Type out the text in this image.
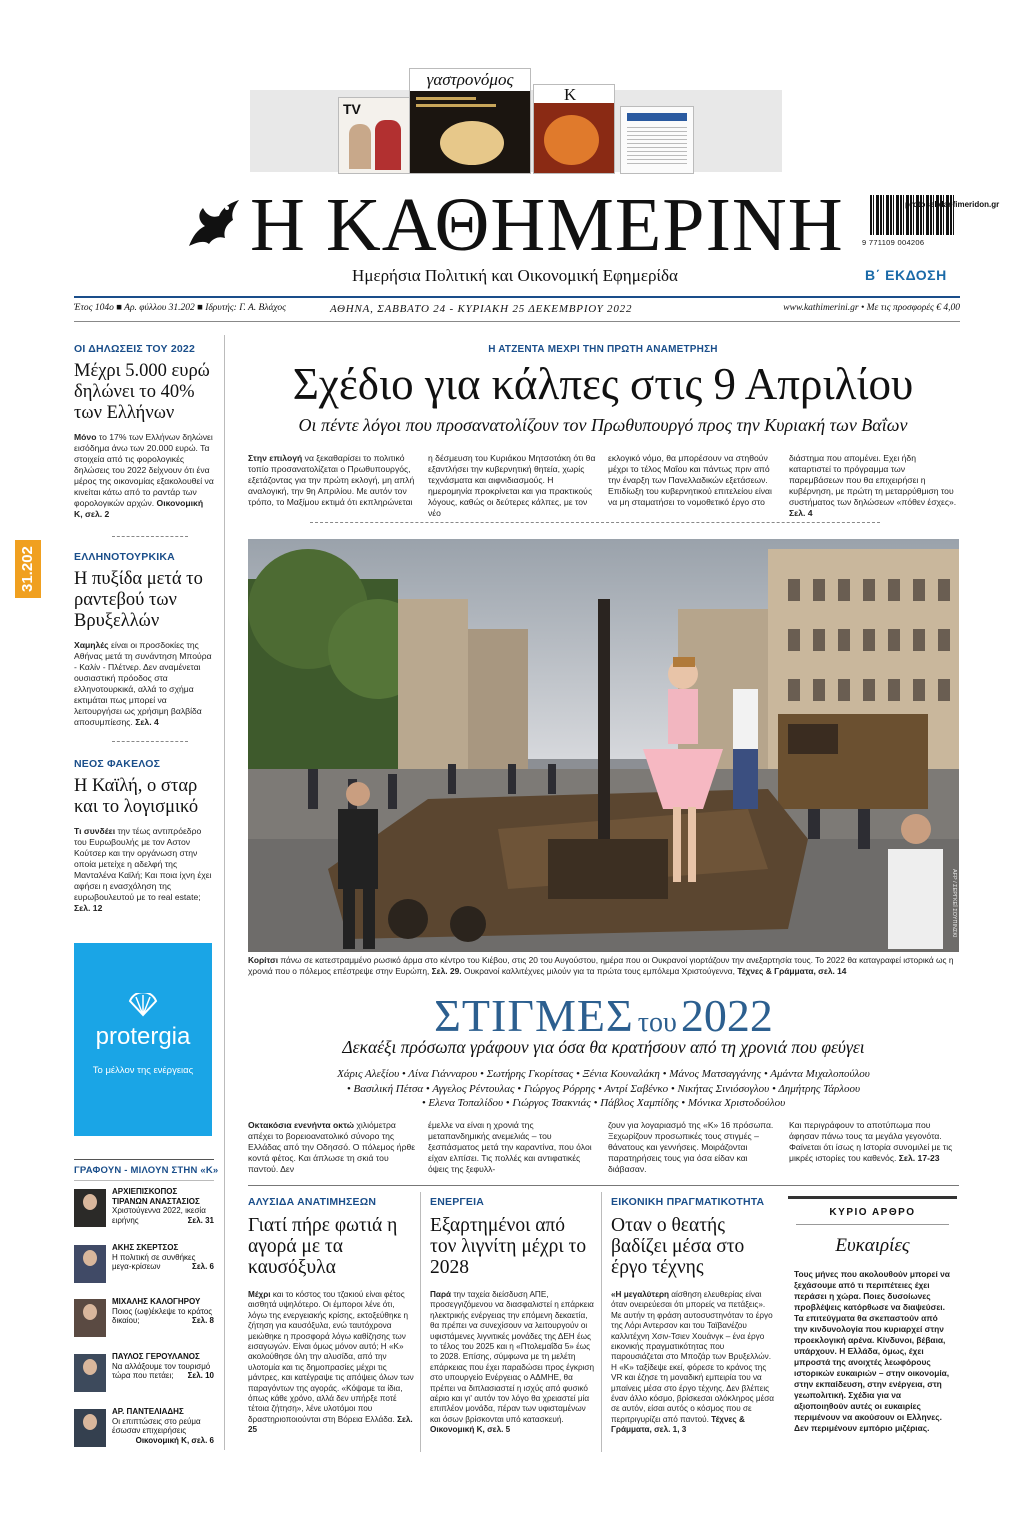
TV
γαστρονόμος
K
Η ΚΑΘΗΜΕΡΙΝΗ
Ημερήσια Πολιτική και Οικονομική Εφημερίδα
9 771109 004206
protoselidaefimeridon.gr
Β΄ ΕΚΔΟΣΗ
Έτος 104ο ■ Αρ. φύλλου 31.202 ■ Ιδρυτής: Γ. Α. Βλάχος	ΑΘΗΝΑ, ΣΑΒΒΑΤΟ 24 - ΚΥΡΙΑΚΗ 25 ΔΕΚΕΜΒΡΙΟΥ 2022	www.kathimerini.gr • Με τις προσφορές € 4,00
31.202
ΟΙ ΔΗΛΩΣΕΙΣ ΤΟΥ 2022
Μέχρι 5.000 ευρώ δηλώνει το 40% των Ελλήνων
Μόνο το 17% των Ελλήνων δηλώνει εισόδημα άνω των 20.000 ευρώ. Τα στοιχεία από τις φορολογικές δηλώσεις του 2022 δείχνουν ότι ένα μέρος της οικονομίας εξακολουθεί να κινείται κάτω από το ραντάρ των φορολογικών αρχών. Οικονομική Κ, σελ. 2
ΕΛΛΗΝΟΤΟΥΡΚΙΚΑ
Η πυξίδα μετά το ραντεβού των Βρυξελλών
Χαμηλές είναι οι προσδοκίες της Αθήνας μετά τη συνάντηση Μπούρα - Καλίν - Πλέτνερ. Δεν αναμένεται ουσιαστική πρόοδος στα ελληνοτουρκικά, αλλά το σχήμα εκτιμάται πως μπορεί να λειτουργήσει ως χρήσιμη βαλβίδα αποσυμπίεσης. Σελ. 4
ΝΕΟΣ ΦΑΚΕΛΟΣ
Η Καϊλή, ο σταρ και το λογισμικό
Τι συνδέει την τέως αντιπρόεδρο του Ευρωβουλής με τον Αστον Κούτσερ και την οργάνωση στην οποία μετείχε η αδελφή της Μανταλένα Καϊλή; Και ποια ίχνη έχει αφήσει η ενασχόληση της ευρωβουλευτού με το real estate; Σελ. 12
protergia
Το μέλλον της ενέργειας
ΓΡΑΦΟΥΝ - ΜΙΛΟΥΝ ΣΤΗΝ «Κ»
ΑΡΧΙΕΠΙΣΚΟΠΟΣ ΤΙΡΑΝΩΝ ΑΝΑΣΤΑΣΙΟΣ
Χριστούγεννα 2022, ικεσία ειρήνης	Σελ. 31
ΑΚΗΣ ΣΚΕΡΤΣΟΣ
Η πολιτική σε συνθήκες μεγα-κρίσεων	Σελ. 6
ΜΙΧΑΛΗΣ ΚΑΛΟΓΗΡΟΥ
Ποιος (ωφ)έκλεψε το κράτος δικαίου;	Σελ. 8
ΠΑΥΛΟΣ ΓΕΡΟΥΛΑΝΟΣ
Να αλλάξουμε τον τουρισμό τώρα που πετάει; Σελ. 10
ΑΡ. ΠΑΝΤΕΛΙΑΔΗΣ
Οι επιπτώσεις στο ρεύμα έσωσαν επιχειρήσεις

Οικονομική Κ, σελ. 6
Η ΑΤΖΕΝΤΑ ΜΕΧΡΙ ΤΗΝ ΠΡΩΤΗ ΑΝΑΜΕΤΡΗΣΗ
Σχέδιο για κάλπες στις 9 Απριλίου
Οι πέντε λόγοι που προσανατολίζουν τον Πρωθυπουργό προς την Κυριακή των Βαΐων
Στην επιλογή να ξεκαθαρίσει το πολιτικό τοπίο προσανατολίζεται ο Πρωθυπουργός, εξετάζοντας για την πρώτη εκλογή, μη απλή αναλογική, την 9η Απριλίου. Με αυτόν τον τρόπο, το Μαξίμου εκτιμά ότι εκπληρώνεται
η δέσμευση του Κυριάκου Μητσοτάκη ότι θα εξαντλήσει την κυβερνητική θητεία, χωρίς τεχνάσματα και αιφνιδιασμούς. Η ημερομηνία προκρίνεται και για πρακτικούς λόγους, καθώς οι δεύτερες κάλπες, με τον νέο
εκλογικό νόμο, θα μπορέσουν να στηθούν μέχρι το τέλος Μαΐου και πάντως πριν από την έναρξη των Πανελλαδικών εξετάσεων. Επιδίωξη του κυβερνητικού επιτελείου είναι να μη σταματήσει το νομοθετικό έργο στο
διάστημα που απομένει. Εχει ήδη καταρτιστεί το πρόγραμμα των παρεμβάσεων που θα επιχειρήσει η κυβέρνηση, με πρώτη τη μεταρρύθμιση του συστήματος των δηλώσεων «πόθεν έσχες». Σελ. 4
AFP / ΣΕΡΓΚΕΪ ΣΟΥΠΙΝΣΚΙ
Κορίτσι πάνω σε κατεστραμμένο ρωσικό άρμα στο κέντρο του Κιέβου, στις 20 του Αυγούστου, ημέρα που οι Ουκρανοί γιορτάζουν την ανεξαρτησία τους. Το 2022 θα καταγραφεί ιστορικά ως η χρονιά που ο πόλεμος επέστρεψε στην Ευρώπη, Σελ. 29. Ουκρανοί καλλιτέχνες μιλούν για τα πρώτα τους εμπόλεμα Χριστούγεννα, Τέχνες & Γράμματα, σελ. 14
ΣΤΙΓΜΕΣ του 2022
Δεκαέξι πρόσωπα γράφουν για όσα θα κρατήσουν από τη χρονιά που φεύγει
Χάρις Αλεξίου • Λίνα Γιάνναρου • Σωτήρης Γκορίτσας • Ξένια Κουναλάκη • Μάνος Ματσαγγάνης • Αμάντα Μιχαλοπούλου
• Βασιλική Πέτσα • Αγγελος Ρέντουλας • Γιώργος Ρόρρης • Αντρί Σαβένκο • Νικήτας Σινιόσογλου • Δημήτρης Τάρλοου
• Ελενα Τοπαλίδου • Γιώργος Τσακνιάς • Πάβλος Χαμπίδης • Μόνικα Χριστοδούλου
Οκτακόσια ενενήντα οκτώ χιλιόμετρα απέχει το βορειοανατολικό σύνορο της Ελλάδας από την Οδησσό. Ο πόλεμος ήρθε κοντά φέτος. Και άπλωσε τη σκιά του παντού. Δεν
έμελλε να είναι η χρονιά της μεταπανδημικής ανεμελιάς – του ξεσπάσματος μετά την καραντίνα, που όλοι είχαν ελπίσει. Τις πολλές και αντιφατικές όψεις της ξεφυλλ-
ζουν για λογαριασμό της «Κ» 16 πρόσωπα. Ξεχωρίζουν προσωπικές τους στιγμές – θάνατους και γεννήσεις. Μοιράζονται παρατηρήσεις τους για όσα είδαν και διάβασαν.
Και περιγράφουν το αποτύπωμα που άφησαν πάνω τους τα μεγάλα γεγονότα. Φαίνεται ότι ίσως η Ιστορία συνομιλεί με τις μικρές ιστορίες του καθενός. Σελ. 17-23
ΑΛΥΣΙΔΑ ΑΝΑΤΙΜΗΣΕΩΝ
Γιατί πήρε φωτιά η αγορά με τα καυσόξυλα
Μέχρι και το κόστος του τζακιού είναι φέτος αισθητά υψηλότερο. Οι έμποροι λένε ότι, λόγω της ενεργειακής κρίσης, εκτοξεύθηκε η ζήτηση για καυσόξυλα, ενώ ταυτόχρονα μειώθηκε η προσφορά λόγω καθίζησης των εισαγωγών. Είναι όμως μόνον αυτό; Η «Κ» ακολούθησε όλη την αλυσίδα, από την υλοτομία και τις δημοπρασίες μέχρι τις μάντρες, και κατέγραψε τις απόψεις όλων των παραγόντων της αγοράς. «Κόψαμε τα ίδια, όπως κάθε χρόνο, αλλά δεν υπήρξε ποτέ τέτοια ζήτηση», λένε υλοτόμοι που δραστηριοποιούνται στη Βόρεια Ελλάδα. Σελ. 25
ΕΝΕΡΓΕΙΑ
Εξαρτημένοι από τον λιγνίτη μέχρι το 2028
Παρά την ταχεία διείσδυση ΑΠΕ, προσεγγιζόμενου να διασφαλιστεί η επάρκεια ηλεκτρικής ενέργειας την επόμενη δεκαετία, θα πρέπει να συνεχίσουν να λειτουργούν οι υφιστάμενες λιγνιτικές μονάδες της ΔΕΗ έως το τέλος του 2025 και η «Πτολεμαΐδα 5» έως το 2028. Επίσης, σύμφωνα με τη μελέτη επάρκειας που έχει παραδώσει προς έγκριση στο υπουργείο Ενέργειας ο ΑΔΜΗΕ, θα πρέπει να διπλασιαστεί η ισχύς από φυσικό αέριο και γι' αυτόν τον λόγο θα χρειαστεί μία επιπλέον μονάδα, πέραν των υφισταμένων και όσων βρίσκονται υπό κατασκευή. Οικονομική Κ, σελ. 5
ΕΙΚΟΝΙΚΗ ΠΡΑΓΜΑΤΙΚΟΤΗΤΑ
Οταν ο θεατής βαδίζει μέσα στο έργο τέχνης
«Η μεγαλύτερη αίσθηση ελευθερίας είναι όταν ονειρεύεσαι ότι μπορείς να πετάξεις». Με αυτήν τη φράση αυτοσυστηνόταν το έργο της Λόρι Αντερσον και του Ταϊβανέζου καλλιτέχνη Χσιν-Τσιεν Χουάνγκ – ένα έργο εικονικής πραγματικότητας που παρουσιάζεται στο Μποζάρ των Βρυξελλών. Η «Κ» ταξίδεψε εκεί, φόρεσε το κράνος της VR και έζησε τη μοναδική εμπειρία του να μπαίνεις μέσα στο έργο τέχνης. Δεν βλέπεις έναν άλλο κόσμο, βρίσκεσαι ολόκληρος μέσα σε αυτόν, είσαι αυτός ο κόσμος που σε περιτριγυρίζει από παντού. Τέχνες & Γράμματα, σελ. 1, 3
ΚΥΡΙΟ ΑΡΘΡΟ
Ευκαιρίες
Τους μήνες που ακολουθούν μπορεί να ξεχάσουμε από τι περιπέτειες έχει περάσει η χώρα. Ποιες δυσοίωνες προβλέψεις κατόρθωσε να διαψεύσει. Τα επιτεύγματα θα σκεπαστούν από την κινδυνολογία που κυριαρχεί στην προεκλογική αρένα. Κίνδυνοι, βέβαια, υπάρχουν. Η Ελλάδα, όμως, έχει μπροστά της ανοιχτές λεωφόρους ιστορικών ευκαιριών – στην οικονομία, στην εκπαίδευση, στην ενέργεια, στη γεωπολιτική. Σχέδια για να αξιοποιηθούν αυτές οι ευκαιρίες περιμένουν να ακούσουν οι Ελληνες. Δεν περιμένουν εμπόριο μιζέριας.
